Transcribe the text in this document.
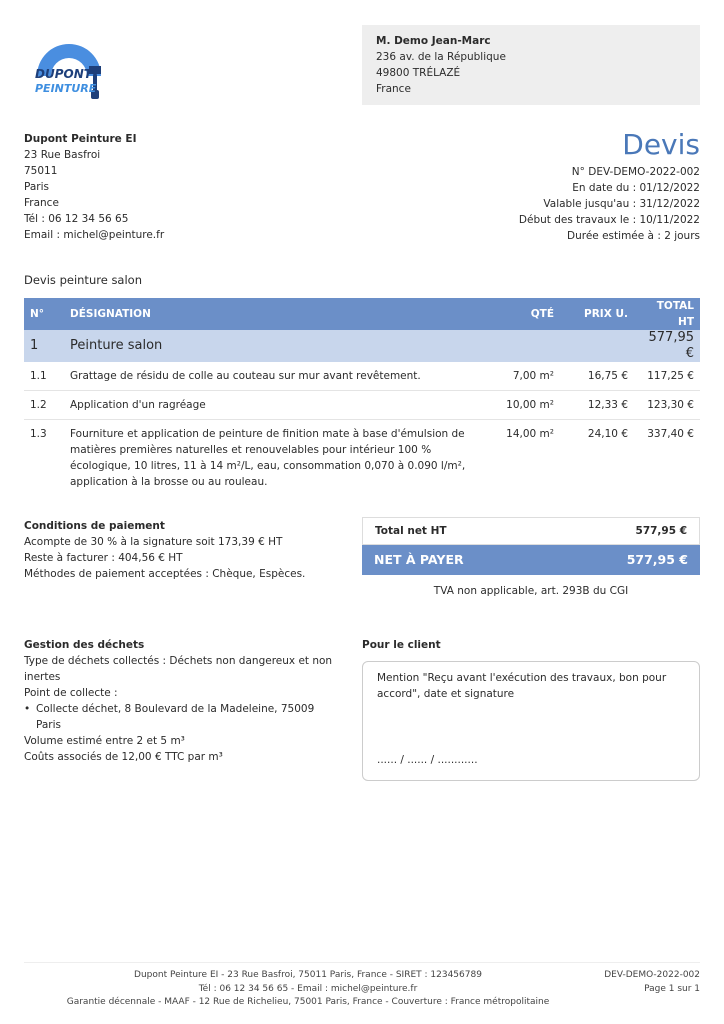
DUPONT
PEINTURE
M. Demo Jean-Marc
236 av. de la République
49800 TRÉLAZÉ
France
Dupont Peinture EI
23 Rue Basfroi
75011
Paris
France
Tél : 06 12 34 56 65
Email : michel@peinture.fr
Devis
N° DEV-DEMO-2022-002
En date du : 01/12/2022
Valable jusqu'au : 31/12/2022
Début des travaux le : 10/11/2022
Durée estimée à : 2 jours
Devis peinture salon
N°	DÉSIGNATION	QTÉ	PRIX U.	TOTAL HT
1	Peinture salon			577,95 €
1.1	Grattage de résidu de colle au couteau sur mur avant revêtement.	7,00 m²	16,75 €	117,25 €
1.2	Application d'un ragréage	10,00 m²	12,33 €	123,30 €
1.3	Fourniture et application de peinture de finition mate à base d'émulsion de matières premières naturelles et renouvelables pour intérieur 100 % écologique, 10 litres, 11 à 14 m²/L, eau, consommation 0,070 à 0.090 l/m², application à la brosse ou au rouleau.	14,00 m²	24,10 €	337,40 €
Conditions de paiement
Acompte de 30 % à la signature soit 173,39 € HT
Reste à facturer : 404,56 € HT
Méthodes de paiement acceptées : Chèque, Espèces.
Total net HT	577,95 €
NET À PAYER	577,95 €
TVA non applicable, art. 293B du CGI
Gestion des déchets
Type de déchets collectés : Déchets non dangereux et non inertes
Point de collecte :
• Collecte déchet, 8 Boulevard de la Madeleine, 75009 Paris
Volume estimé entre 2 et 5 m³
Coûts associés de 12,00 € TTC par m³
Pour le client
Mention "Reçu avant l'exécution des travaux, bon pour accord", date et signature
...... / ...... / ............
Dupont Peinture EI - 23 Rue Basfroi, 75011 Paris, France - SIRET : 123456789
Tél : 06 12 34 56 65 - Email : michel@peinture.fr
Garantie décennale - MAAF - 12 Rue de Richelieu, 75001 Paris, France - Couverture : France métropolitaine
DEV-DEMO-2022-002
Page 1 sur 1
